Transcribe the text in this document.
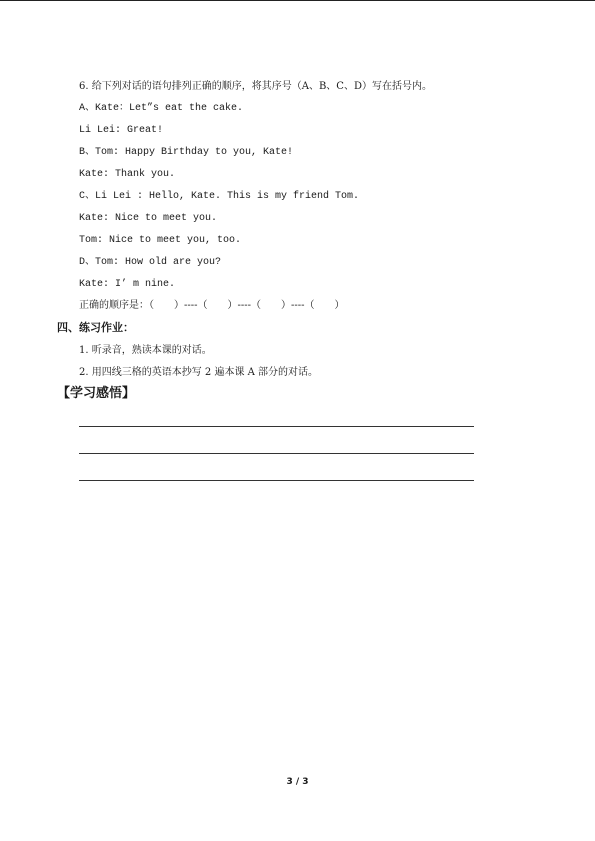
6. 给下列对话的语句排列正确的顺序，将其序号（A、B、C、D）写在括号内。
A、Kate：Let”s eat the cake.
Li Lei: Great!
B、Tom: Happy Birthday to you, Kate!
Kate: Thank you.
C、Li Lei : Hello, Kate. This is my friend Tom.
Kate: Nice to meet you.
Tom: Nice to meet you, too.
D、Tom: How old are you?
Kate: I’ m nine.
正确的顺序是：（　　）----（　　）----（　　）----（　　）
四、练习作业：
1. 听录音，熟读本课的对话。
2. 用四线三格的英语本抄写 2 遍本课 A 部分的对话。
【学习感悟】
3 / 3
